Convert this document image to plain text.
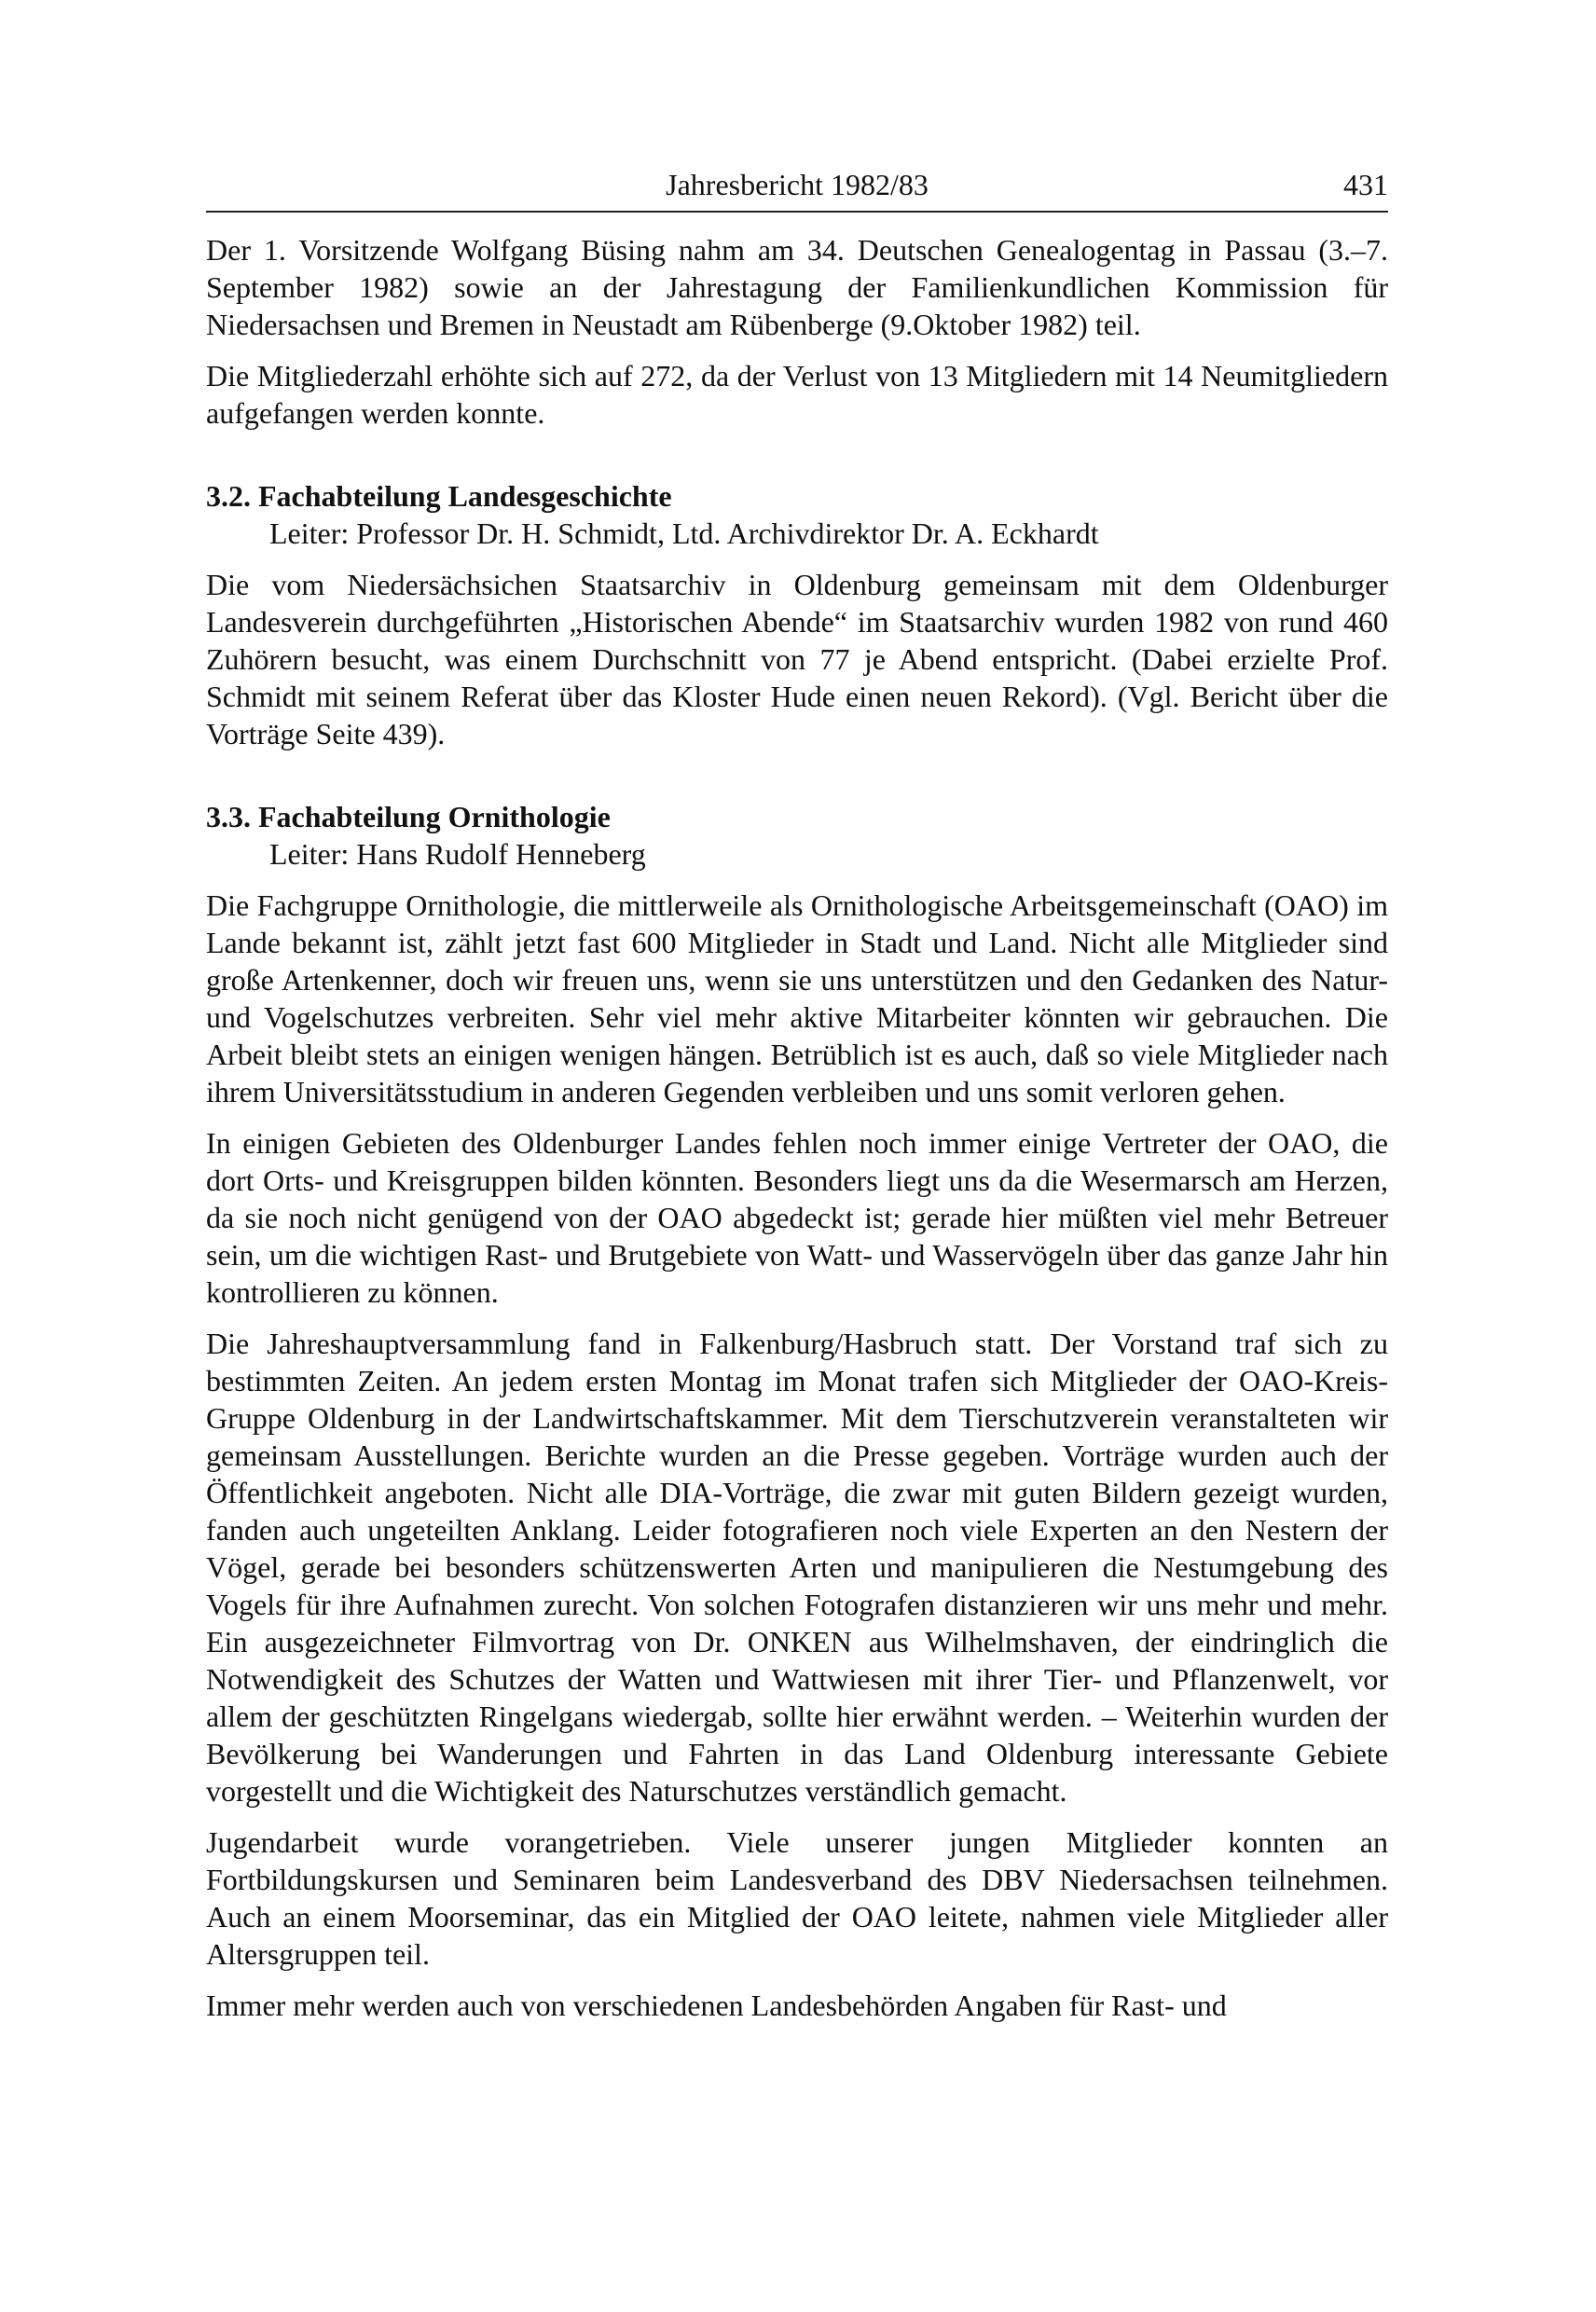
Jahresbericht 1982/83	431

Der 1. Vorsitzende Wolfgang Büsing nahm am 34. Deutschen Genealogentag in Passau (3.–7. September 1982) sowie an der Jahrestagung der Familienkundlichen Kommission für Niedersachsen und Bremen in Neustadt am Rübenberge (9.Oktober 1982) teil.

Die Mitgliederzahl erhöhte sich auf 272, da der Verlust von 13 Mitgliedern mit 14 Neumitgliedern aufgefangen werden konnte.

3.2. Fachabteilung Landesgeschichte
Leiter: Professor Dr. H. Schmidt, Ltd. Archivdirektor Dr. A. Eckhardt

Die vom Niedersächsichen Staatsarchiv in Oldenburg gemeinsam mit dem Oldenburger Landesverein durchgeführten „Historischen Abende“ im Staatsarchiv wurden 1982 von rund 460 Zuhörern besucht, was einem Durchschnitt von 77 je Abend entspricht. (Dabei erzielte Prof. Schmidt mit seinem Referat über das Kloster Hude einen neuen Rekord). (Vgl. Bericht über die Vorträge Seite 439).

3.3. Fachabteilung Ornithologie
Leiter: Hans Rudolf Henneberg

Die Fachgruppe Ornithologie, die mittlerweile als Ornithologische Arbeitsgemeinschaft (OAO) im Lande bekannt ist, zählt jetzt fast 600 Mitglieder in Stadt und Land. Nicht alle Mitglieder sind große Artenkenner, doch wir freuen uns, wenn sie uns unterstützen und den Gedanken des Natur- und Vogelschutzes verbreiten. Sehr viel mehr aktive Mitarbeiter könnten wir gebrauchen. Die Arbeit bleibt stets an einigen wenigen hängen. Betrüblich ist es auch, daß so viele Mitglieder nach ihrem Universitätsstudium in anderen Gegenden verbleiben und uns somit verloren gehen.

In einigen Gebieten des Oldenburger Landes fehlen noch immer einige Vertreter der OAO, die dort Orts- und Kreisgruppen bilden könnten. Besonders liegt uns da die Wesermarsch am Herzen, da sie noch nicht genügend von der OAO abgedeckt ist; gerade hier müßten viel mehr Betreuer sein, um die wichtigen Rast- und Brutgebiete von Watt- und Wasservögeln über das ganze Jahr hin kontrollieren zu können.

Die Jahreshauptversammlung fand in Falkenburg/Hasbruch statt. Der Vorstand traf sich zu bestimmten Zeiten. An jedem ersten Montag im Monat trafen sich Mitglieder der OAO-Kreis-Gruppe Oldenburg in der Landwirtschaftskammer. Mit dem Tierschutzverein veranstalteten wir gemeinsam Ausstellungen. Berichte wurden an die Presse gegeben. Vorträge wurden auch der Öffentlichkeit angeboten. Nicht alle DIA-Vorträge, die zwar mit guten Bildern gezeigt wurden, fanden auch ungeteilten Anklang. Leider fotografieren noch viele Experten an den Nestern der Vögel, gerade bei besonders schützenswerten Arten und manipulieren die Nestumgebung des Vogels für ihre Aufnahmen zurecht. Von solchen Fotografen distanzieren wir uns mehr und mehr. Ein ausgezeichneter Filmvortrag von Dr. ONKEN aus Wilhelmshaven, der eindringlich die Notwendigkeit des Schutzes der Watten und Wattwiesen mit ihrer Tier- und Pflanzenwelt, vor allem der geschützten Ringelgans wiedergab, sollte hier erwähnt werden. – Weiterhin wurden der Bevölkerung bei Wanderungen und Fahrten in das Land Oldenburg interessante Gebiete vorgestellt und die Wichtigkeit des Naturschutzes verständlich gemacht.

Jugendarbeit wurde vorangetrieben. Viele unserer jungen Mitglieder konnten an Fortbildungskursen und Seminaren beim Landesverband des DBV Niedersachsen teilnehmen. Auch an einem Moorseminar, das ein Mitglied der OAO leitete, nahmen viele Mitglieder aller Altersgruppen teil.

Immer mehr werden auch von verschiedenen Landesbehörden Angaben für Rast- und
